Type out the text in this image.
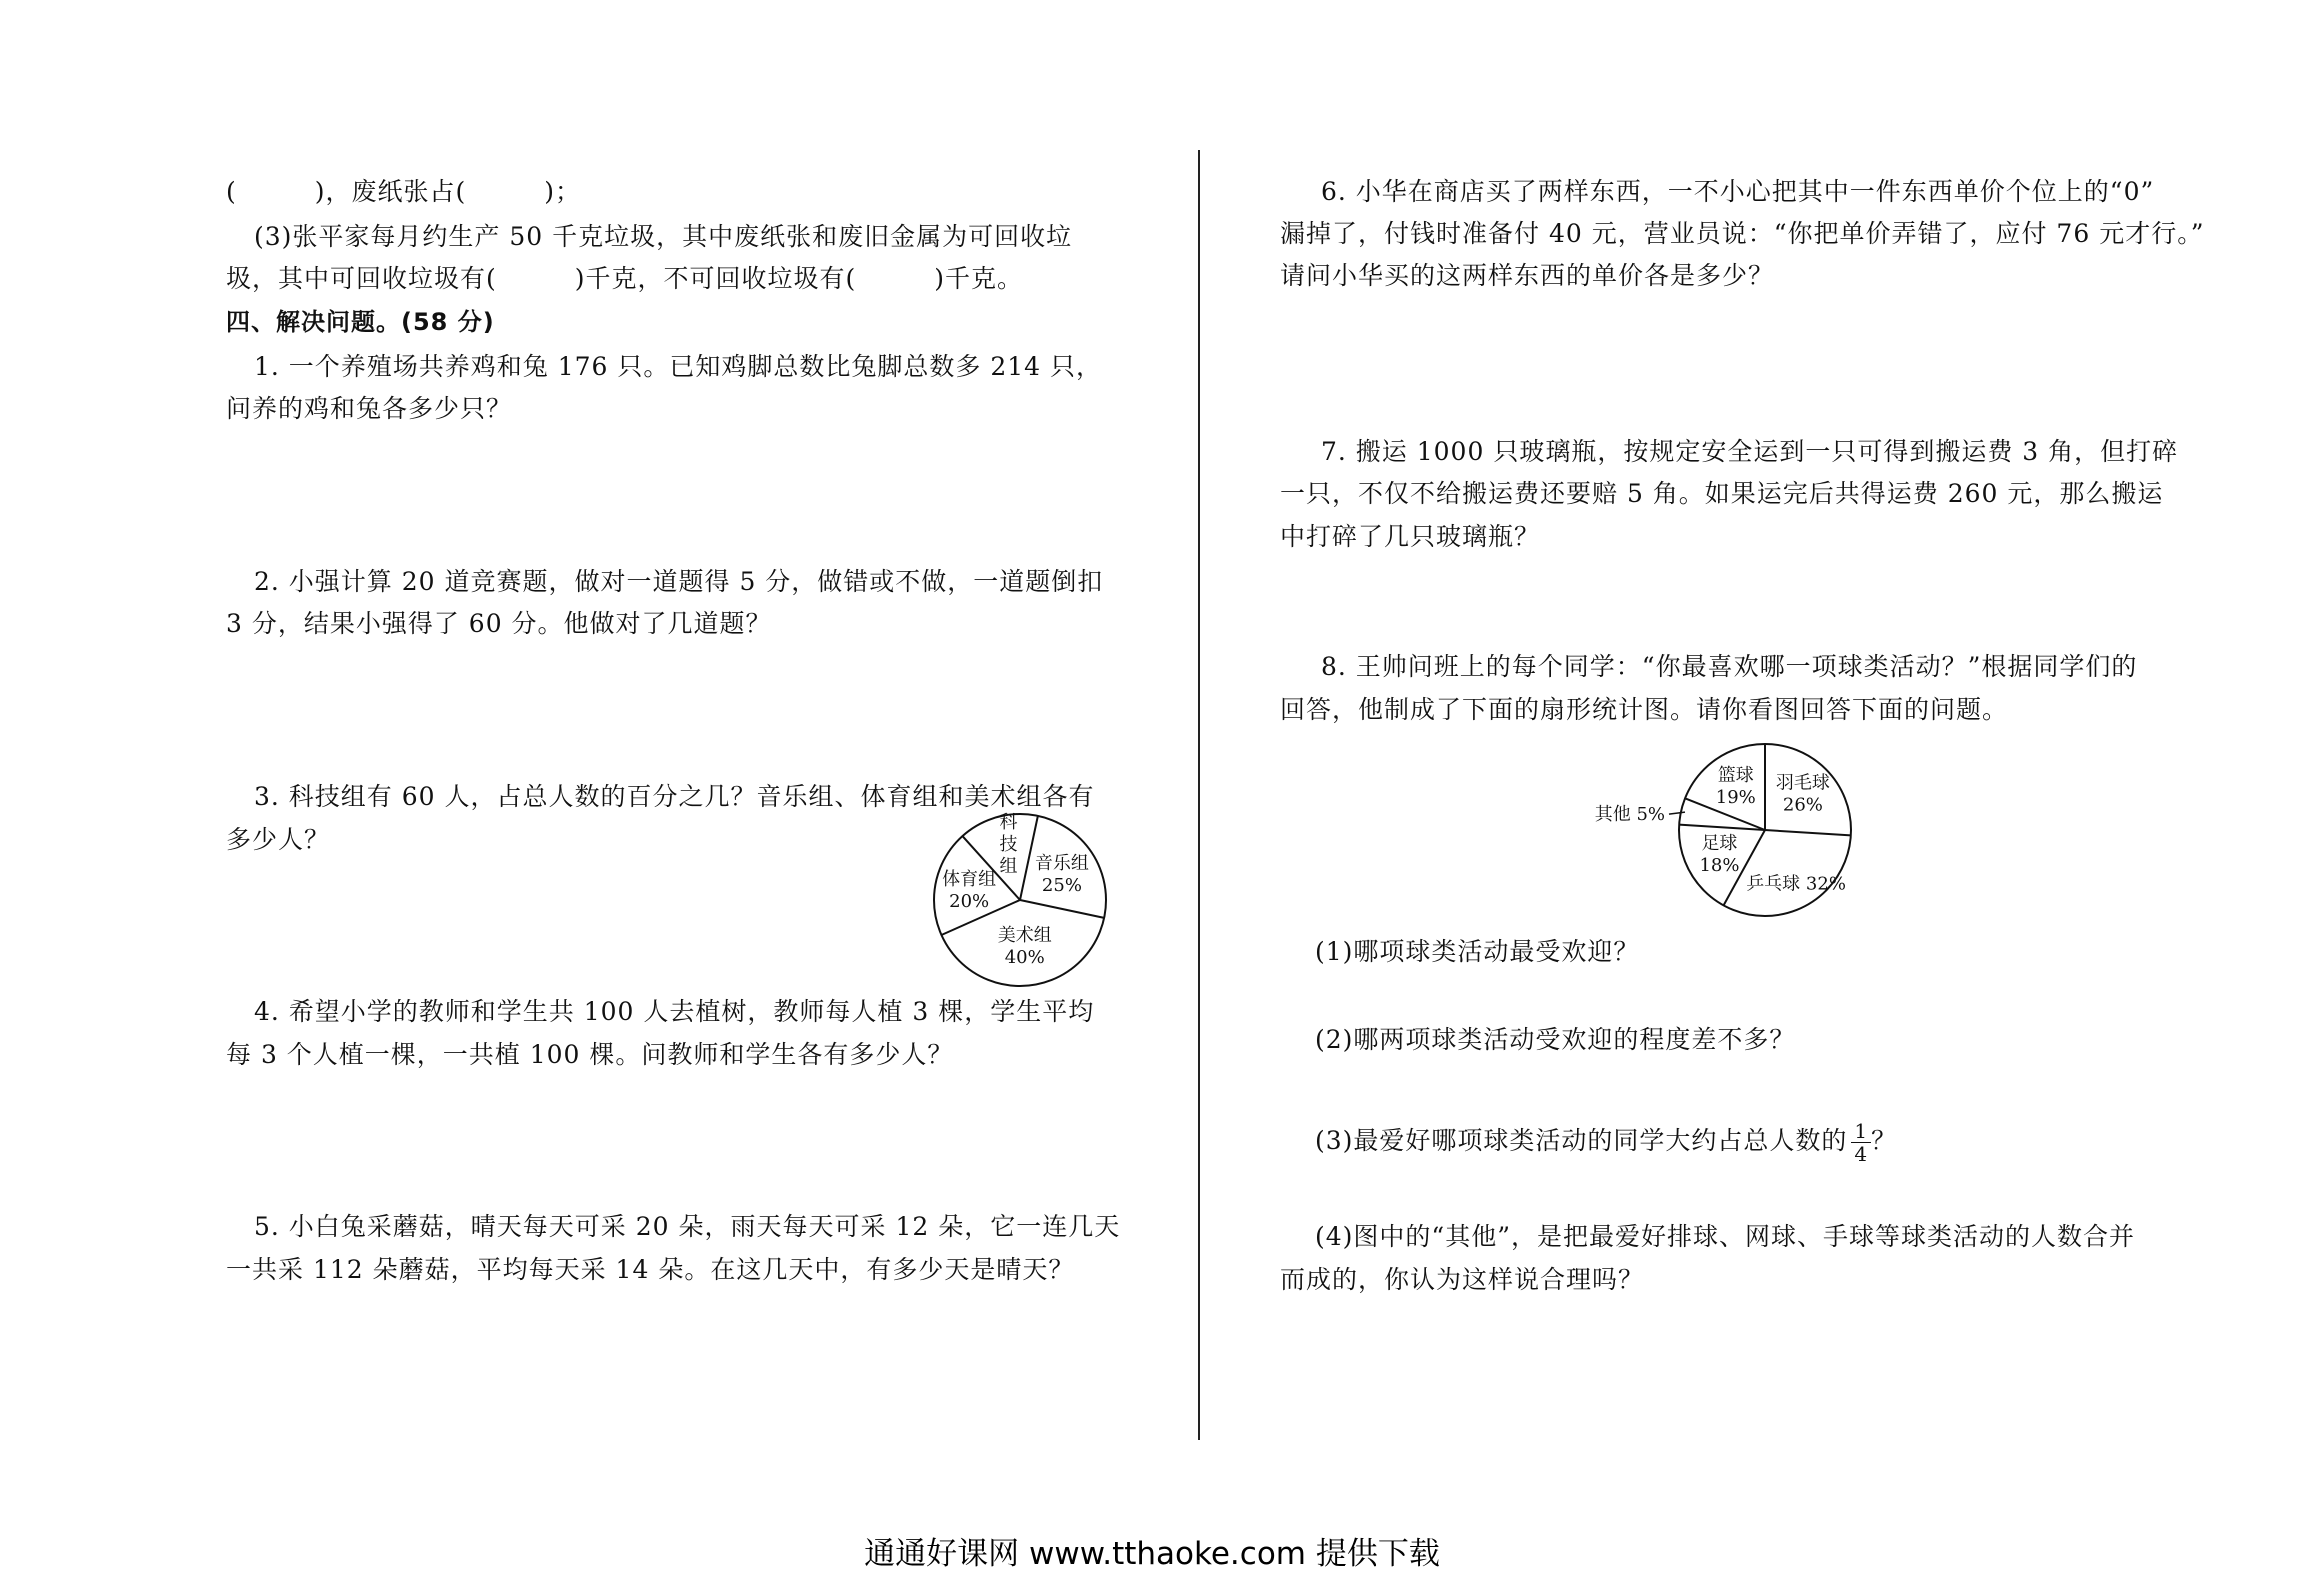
(　　　)，废纸张占(　　　)；
(3)张平家每月约生产 50 千克垃圾，其中废纸张和废旧金属为可回收垃
圾，其中可回收垃圾有(　　　)千克，不可回收垃圾有(　　　)千克。
四、解决问题。(58 分)
1. 一个养殖场共养鸡和兔 176 只。已知鸡脚总数比兔脚总数多 214 只，
问养的鸡和兔各多少只？
2. 小强计算 20 道竞赛题，做对一道题得 5 分，做错或不做，一道题倒扣
3 分，结果小强得了 60 分。他做对了几道题？
3. 科技组有 60 人，占总人数的百分之几？音乐组、体育组和美术组各有
多少人？
科
技
组 音乐组
25%
美术组
40%
体育组
20%
4. 希望小学的教师和学生共 100 人去植树，教师每人植 3 棵，学生平均
每 3 个人植一棵，一共植 100 棵。问教师和学生各有多少人？
5. 小白兔采蘑菇，晴天每天可采 20 朵，雨天每天可采 12 朵，它一连几天
一共采 112 朵蘑菇，平均每天采 14 朵。在这几天中，有多少天是晴天？
6. 小华在商店买了两样东西，一不小心把其中一件东西单价个位上的“0”
漏掉了，付钱时准备付 40 元，营业员说：“你把单价弄错了，应付 76 元才行。”
请问小华买的这两样东西的单价各是多少？
7. 搬运 1000 只玻璃瓶，按规定安全运到一只可得到搬运费 3 角，但打碎
一只，不仅不给搬运费还要赔 5 角。如果运完后共得运费 260 元，那么搬运
中打碎了几只玻璃瓶？
8. 王帅问班上的每个同学：“你最喜欢哪一项球类活动？”根据同学们的
回答，他制成了下面的扇形统计图。请你看图回答下面的问题。
羽毛球
26%
乒乓球 32%
足球
18%
其他 5%
篮球
19%
(1)哪项球类活动最受欢迎？
(2)哪两项球类活动受欢迎的程度差不多？
(3)最爱好哪项球类活动的同学大约占总人数的 $\frac{1}{4}$ ？
(4)图中的“其他”，是把最爱好排球、网球、手球等球类活动的人数合并
而成的，你认为这样说合理吗？
通通好课网 www.tthaoke.com 提供下载
